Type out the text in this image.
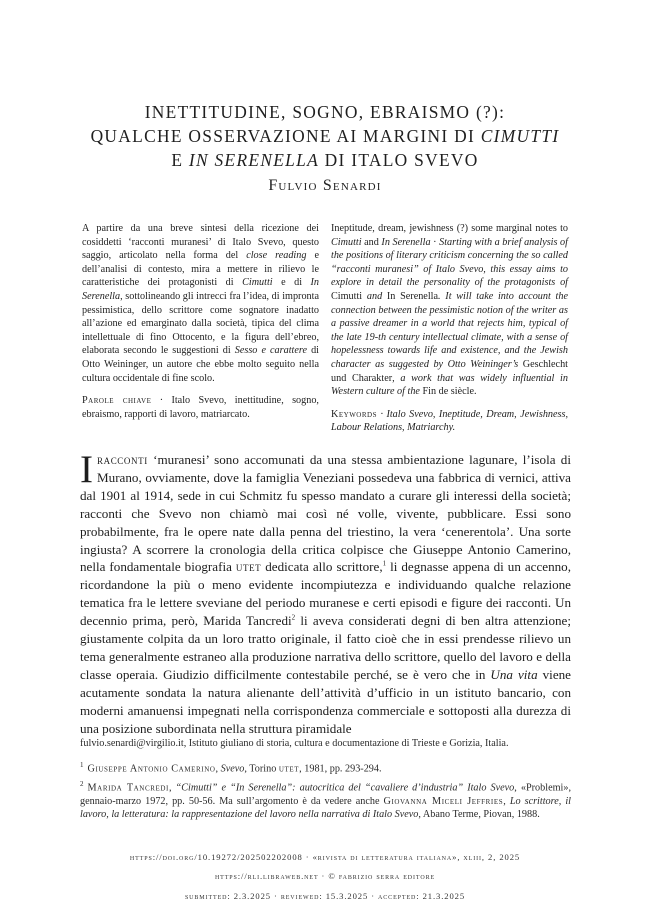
INETTITUDINE, SOGNO, EBRAISMO (?):
QUALCHE OSSERVAZIONE AI MARGINI DI CIMUTTI
E IN SERENELLA DI ITALO SVEVO
Fulvio Senardi

A partire da una breve sintesi della ricezione dei cosiddetti ‘racconti muranesi’ di Italo Svevo, questo saggio, articolato nella forma del close reading e dell’analisi di contesto, mira a mettere in rilievo le caratteristiche dei protagonisti di Cimutti e di In Serenella, sottolineando gli intrecci fra l’idea, di impronta pessimistica, dello scrittore come sognatore inadatto all’azione ed emarginato dalla società, tipica del clima intellettuale di fino Ottocento, e la figura dell’ebreo, elaborata secondo le suggestioni di Sesso e carattere di Otto Weininger, un autore che ebbe molto seguito nella cultura occidentale di fine scolo.

Parole chiave · Italo Svevo, inettitudine, sogno, ebraismo, rapporti di lavoro, matriarcato.

Ineptitude, dream, jewishness (?) some marginal notes to Cimutti and In Serenella · Starting with a brief analysis of the positions of literary criticism concerning the so called “racconti muranesi” of Italo Svevo, this essay aims to explore in detail the personality of the protagonists of Cimutti and In Serenella. It will take into account the connection between the pessimistic notion of the writer as a passive dreamer in a world that rejects him, typical of the late 19-th century intellectual climate, with a sense of hopelessness towards life and existence, and the Jewish character as suggested by Otto Weininger’s Geschlecht und Charakter, a work that was widely influential in Western culture of the Fin de siècle.

Keywords · Italo Svevo, Ineptitude, Dream, Jewishness, Labour Relations, Matriarchy.

Iracconti ‘muranesi’ sono accomunati da una stessa ambientazione lagunare, l’isola di Murano, ovviamente, dove la famiglia Veneziani possedeva una fabbrica di vernici, attiva dal 1901 al 1914, sede in cui Schmitz fu spesso mandato a curare gli interessi della società; racconti che Svevo non chiamò mai così né volle, vivente, pubblicare. Essi sono probabilmente, fra le opere nate dalla penna del triestino, la vera ‘cenerentola’. Una sorte ingiusta? A scorrere la cronologia della critica colpisce che Giuseppe Antonio Camerino, nella fondamentale biografia utet dedicata allo scrittore,$^1$ li degnasse appena di un accenno, ricordandone la più o meno evidente incompiutezza e individuando qualche relazione tematica fra le lettere sveviane del periodo muranese e certi episodi e figure dei racconti. Un decennio prima, però, Marida Tancredi$^2$ li aveva considerati degni di ben altra attenzione; giustamente colpita da un loro tratto originale, il fatto cioè che in essi prendesse rilievo un tema generalmente estraneo alla produzione narrativa dello scrittore, quello del lavoro e della classe operaia. Giudizio difficilmente contestabile perché, se è vero che in Una vita viene acutamente sondata la natura alienante dell’attività d’ufficio in un istituto bancario, con moderni amanuensi impegnati nella corrispondenza commerciale e sottoposti alla durezza di una posizione subordinata nella struttura piramidale

fulvio.senardi@virgilio.it, Istituto giuliano di storia, cultura e documentazione di Trieste e Gorizia, Italia.

$^1$ Giuseppe Antonio Camerino, Svevo, Torino utet, 1981, pp. 293-294.

$^2$ Marida Tancredi, “Cimutti” e “In Serenella”: autocritica del “cavaliere d’industria” Italo Svevo, «Problemi», gennaio-marzo 1972, pp. 50-56. Ma sull’argomento è da vedere anche Giovanna Miceli Jeffries, Lo scrittore, il lavoro, la letteratura: la rappresentazione del lavoro nella narrativa di Italo Svevo, Abano Terme, Piovan, 1988.

https://doi.org/10.19272/202502202008 · «rivista di letteratura italiana», xliii, 2, 2025
https://rli.libraweb.net · © fabrizio serra editore
submitted: 2.3.2025 · reviewed: 15.3.2025 · accepted: 21.3.2025
